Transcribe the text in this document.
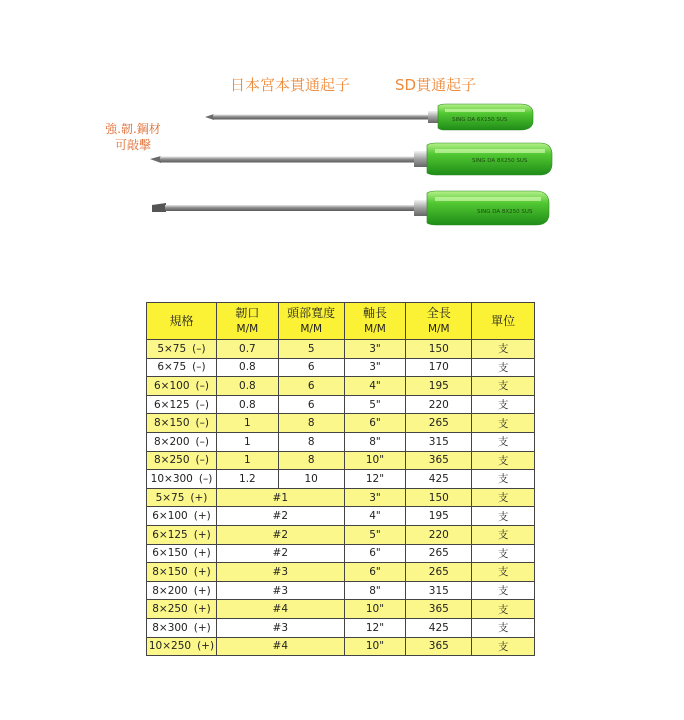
日本宮本貫通起子	SD貫通起子
強.韌.鋼材
可敲擊
SING DA 6X150 SUS
SING DA 8X250 SUS
SING DA 8X250 SUS
規格	韌口
M/M	頭部寬度
M/M	軸長
M/M	全長
M/M	單位
5×75 (–)	0.7	5	3"	150	支
6×75 (–)	0.8	6	3"	170	支
6×100 (–)	0.8	6	4"	195	支
6×125 (–)	0.8	6	5"	220	支
8×150 (–)	1	8	6"	265	支
8×200 (–)	1	8	8"	315	支
8×250 (–)	1	8	10"	365	支
10×300 (–)	1.2	10	12"	425	支
5×75 (+)	#1		3"	150	支
6×100 (+)	#2		4"	195	支
6×125 (+)	#2		5"	220	支
6×150 (+)	#2		6"	265	支
8×150 (+)	#3		6"	265	支
8×200 (+)	#3		8"	315	支
8×250 (+)	#4		10"	365	支
8×300 (+)	#3		12"	425	支
10×250 (+)	#4		10"	365	支
